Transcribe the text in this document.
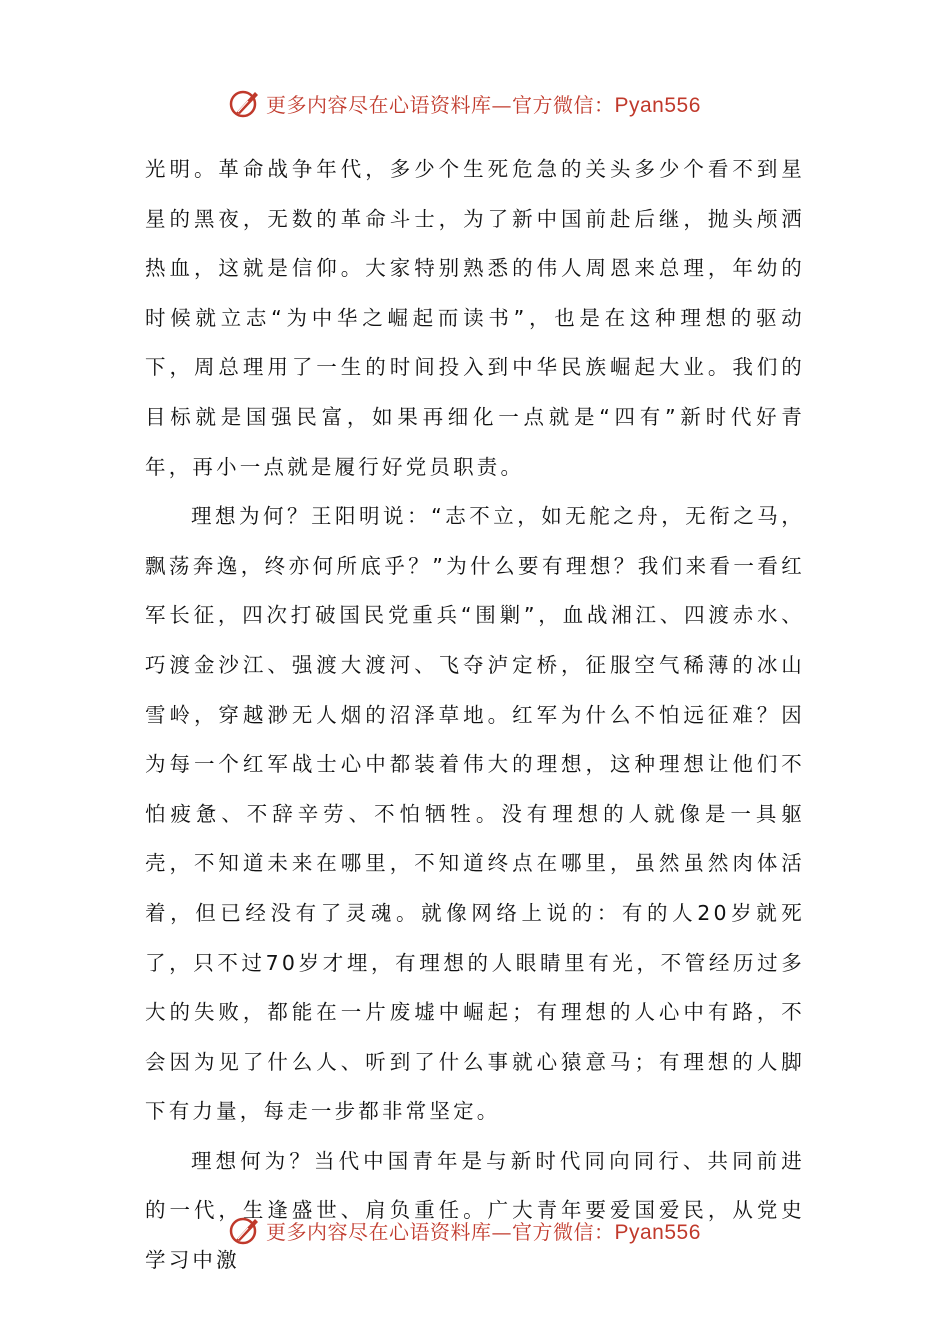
更多内容尽在心语资料库—官方微信：Pyan556

光明。革命战争年代，多少个生死危急的关头多少个看不到星星的黑夜，无数的革命斗士，为了新中国前赴后继，抛头颅洒热血，这就是信仰。大家特别熟悉的伟人周恩来总理，年幼的时候就立志“为中华之崛起而读书”，也是在这种理想的驱动下，周总理用了一生的时间投入到中华民族崛起大业。我们的目标就是国强民富，如果再细化一点就是“四有”新时代好青年，再小一点就是履行好党员职责。

理想为何？王阳明说：“志不立，如无舵之舟，无衔之马，飘荡奔逸，终亦何所底乎？”为什么要有理想？我们来看一看红军长征，四次打破国民党重兵“围剿”，血战湘江、四渡赤水、巧渡金沙江、强渡大渡河、飞夺泸定桥，征服空气稀薄的冰山雪岭，穿越渺无人烟的沼泽草地。红军为什么不怕远征难？因为每一个红军战士心中都装着伟大的理想，这种理想让他们不怕疲惫、不辞辛劳、不怕牺牲。没有理想的人就像是一具躯壳，不知道未来在哪里，不知道终点在哪里，虽然虽然肉体活着，但已经没有了灵魂。就像网络上说的：有的人20岁就死了，只不过70岁才埋，有理想的人眼睛里有光，不管经历过多大的失败，都能在一片废墟中崛起；有理想的人心中有路，不会因为见了什么人、听到了什么事就心猿意马；有理想的人脚下有力量，每走一步都非常坚定。

理想何为？当代中国青年是与新时代同向同行、共同前进的一代，生逢盛世、肩负重任。广大青年要爱国爱民，从党史学习中激

更多内容尽在心语资料库—官方微信：Pyan556
